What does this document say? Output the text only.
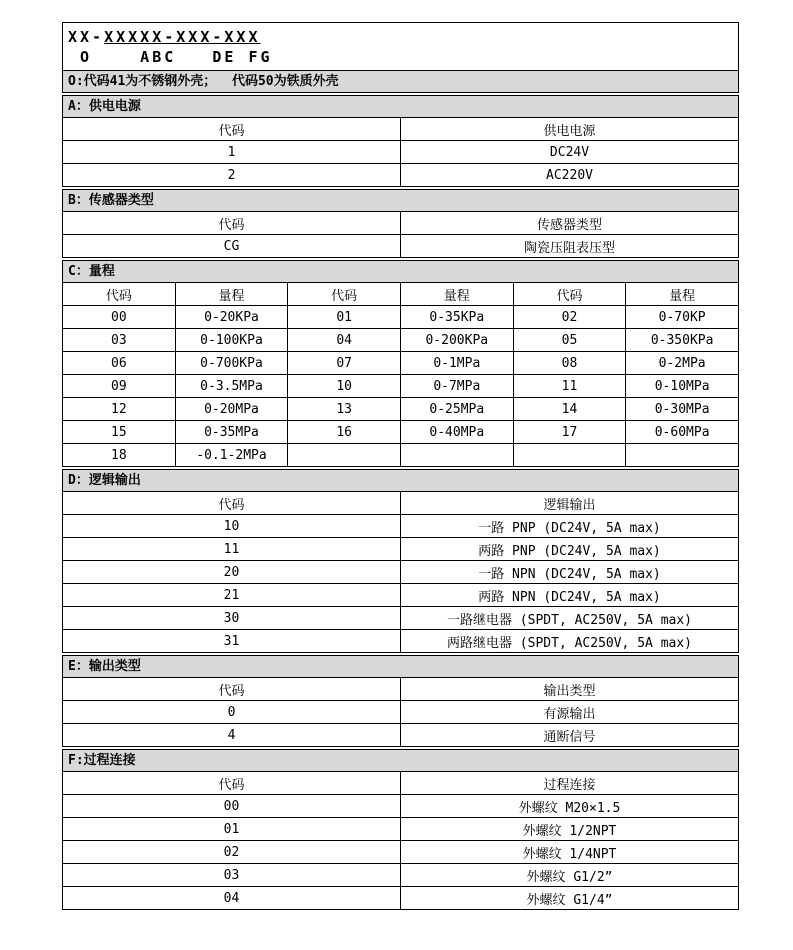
XX-XXXXX-XXX-XXX
O    ABC   DE FG
O:代码41为不锈钢外壳；  代码50为铁质外壳
A：供电电源
代码	供电电源
1	DC24V
2	AC220V
B：传感器类型
代码	传感器类型
CG	陶瓷压阻表压型
C：量程
代码	量程	代码	量程	代码	量程
00	0-20KPa	01	0-35KPa	02	0-70KP
03	0-100KPa	04	0-200KPa	05	0-350KPa
06	0-700KPa	07	0-1MPa	08	0-2MPa
09	0-3.5MPa	10	0-7MPa	11	0-10MPa
12	0-20MPa	13	0-25MPa	14	0-30MPa
15	0-35MPa	16	0-40MPa	17	0-60MPa
18	-0.1-2MPa				
D：逻辑输出
代码	逻辑输出
10	一路 PNP (DC24V, 5A max)
11	两路 PNP (DC24V, 5A max)
20	一路 NPN (DC24V, 5A max)
21	两路 NPN (DC24V, 5A max)
30	一路继电器 (SPDT, AC250V, 5A max)
31	两路继电器 (SPDT, AC250V, 5A max)
E：输出类型
代码	输出类型
0	有源输出
4	通断信号
F:过程连接
代码	过程连接
00	外螺纹 M20×1.5
01	外螺纹 1/2NPT
02	外螺纹 1/4NPT
03	外螺纹 G1/2”
04	外螺纹 G1/4”
